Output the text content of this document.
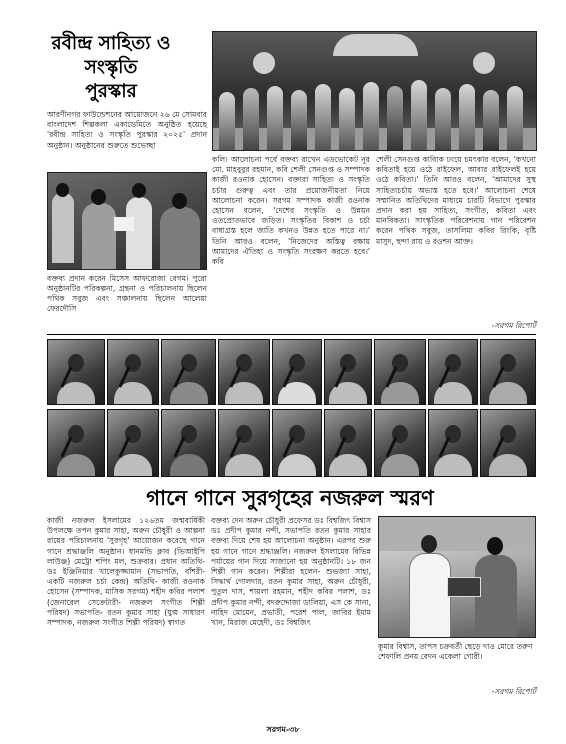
রবীন্দ্র সাহিত্য ও
সংস্কৃতি
পুরস্কার
আরণীনগর ফাউন্ডেশনের আয়োজনে ২৬ মে সোমবার বাংলাদেশ শিল্পকলা একাডেমিতে অনুষ্ঠিত হয়েছে 'রবীন্দ্র সাহিত্য ও সংস্কৃতি পুরস্কার ২০২৫' প্রদান অনুষ্ঠান। অনুষ্ঠানের শুরুতে শুভেচ্ছা
বক্তব্য প্রদান করেন মিসেস আফরোজা বেগম। পুরো অনুষ্ঠানটির পরিকল্পনা, গ্রন্থনা ও পরিচালনায় ছিলেন পথিক সবুজ এবং সঞ্চালনায় ছিলেন আলেয়া ফেরদৌসি
কলি। আলোচনা পর্বে বক্তব্য রাখেন এডভোকেট নূর মো. মাহবুবুর রহমান, কবি শেলী সেনগুপ্ত ও সম্পাদক কাজী রওনাক হোসেন। বক্তারা সাহিত্য ও সংস্কৃতি চর্চার গুরুত্ব এবং তার প্রয়োজনীয়তা নিয়ে আলোচনা করেন। সরগম সম্পাদক কাজী রওনাক হোসেন বলেন, 'দেশের সংস্কৃতি ও উন্নয়ন ওতপ্রোতভাবে জড়িত। সংস্কৃতির বিকাশ ও চর্চা বাধাগ্রস্ত হলে জাতি কখনও উন্নত হতে পারে না।' তিনি আরও বলেন, 'নিজেদের অস্তিত্ব রক্ষায় আমাদের ঐতিহ্য ও সংস্কৃতি সংরক্ষণ করতে হবে।' কবি
শেলী সেনগুপ্ত কাব্যিক ঢংয়ে চমৎকার বলেন, 'কখনো কবিতাই হয়ে ওঠে রাইফেল, আবার রাইফেলই হয়ে ওঠে কবিতা।' তিনি আরও বলেন, 'আমাদের সুস্থ সাহিত্যচর্চায় অভ্যস্ত হতে হবে।' আলোচনা শেষে সম্মানিত অতিথিদের মাধ্যমে চারটি বিভাগে পুরস্কার প্রদান করা হয় সাহিত্য, সংগীত, কবিতা এবং মানবিকতা। সাংস্কৃতিক পরিবেশনায় গান পরিবেশন করেন পথিক সবুজ, তাসলিমা কবির রিংকি, বৃষ্টি মাসুদ, ছন্দা রায় ও রওশন আক্ত।
-সরগম রিপোর্ট
গানে গানে সুরগৃহের নজরুল স্মরণ
কাজী নজরুল ইসলামের ১২৬তম জন্মবার্ষিকী উপলক্ষে তপন কুমার সাহা, অরুন চৌধুরী ও আল্পনা রায়ের পরিচালনায় 'সুরগৃহ' আয়োজন করেছে গানে গানে শ্রদ্ধাঞ্জলি অনুষ্ঠান। ধানমন্ডি ক্লাব (ভিআইপি লাউঞ্জ) মেট্রো শপিং মল, শুক্রবার। প্রধান অতিথি- ডঃ ইঞ্জিনিয়ার খালেকুজ্জামান (সভাপতি, বাঁশরী-একটি নজরুল চর্চা কেন্দ্র) অতিথি- কাজী রওনাক হোসেন (সম্পাদক, মাসিক সরগম) শহীদ কবির পলাশ (জেনারেল সেক্রেটারী- নজরুল সংগীত শিল্পী পরিষদ) সভাপতি- রতন কুমার সাহা (যুগ্ম সাধারণ সম্পাদক, নজরুল সংগীত শিল্পী পরিষদ) স্বাগত
বক্তব্য দেন অরুন চৌধুরী প্রফেসর ডঃ বিশ্বজিৎ বিশ্বাস ডঃ প্রদীপ কুমার নন্দী, সভাপতি রতন কুমার সাহার বক্তব্য দিয়ে শেষ হয় আলোচনা অনুষ্ঠান। এরপর শুরু হয় গানে গানে শ্রদ্ধাঞ্জলি। নজরুল ইসলামের বিভিন্ন পর্যায়ের গান দিয়ে সাজানো হয় অনুষ্ঠানটি। ১৮ জন শিল্পী গান করেন। শিল্পীরা হলেন- শুভজ্যা সাহা, সিদ্ধার্থ গোলদার, রতন কুমার সাহা, অরুন চৌধুরী, পুতুল দাস, শায়লা রহমান, শহীদ কবির পলাশ, ডঃ প্রদীপ কুমার নন্দী, বদরুদ্দোজা ডালিয়া, এস কে সানা, নাহিদ মোমেন, প্রভাতী, পরেশ পাল, জাবির ইমাম খান, মিরাজ মেহেদী, ডঃ বিশ্বজিৎ
কুমার বিশ্বাস, তাপস চক্রবর্তী ছেড়ে দাও মোরে তরুণ শেফালি প্রনয় বেদন একেলা গোরী।
-সরগম রিপোর্ট
সরগম-৩৮
